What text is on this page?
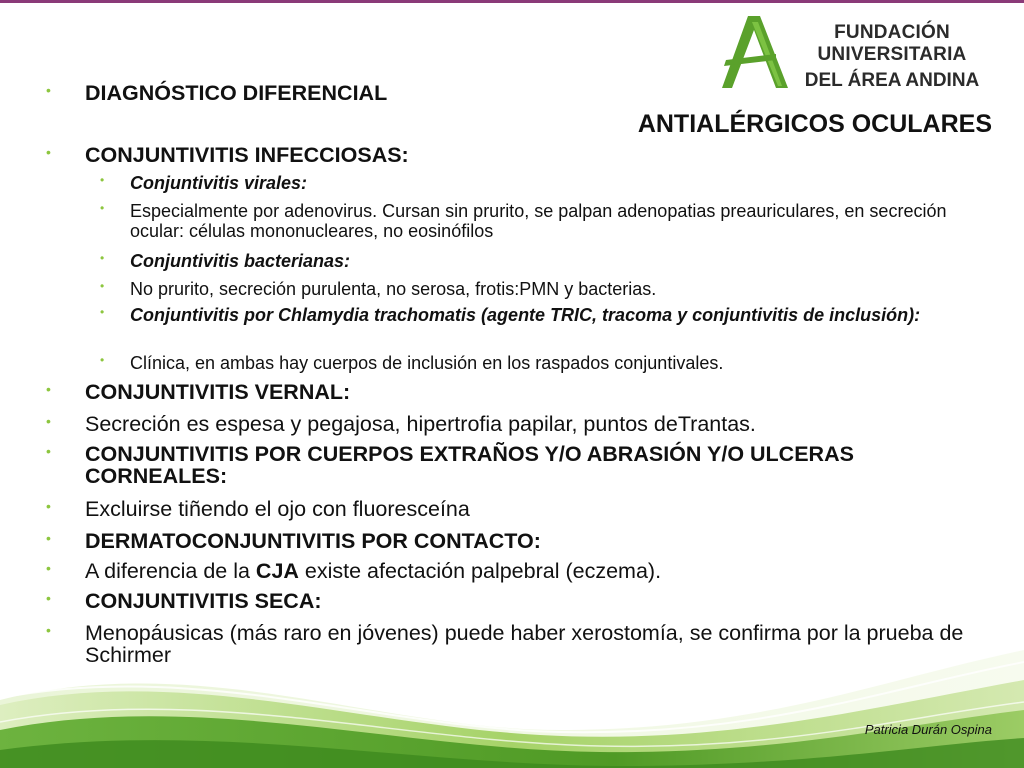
FUNDACIÓN UNIVERSITARIA
DEL ÁREA ANDINA
ANTIALÉRGICOS OCULARES
• DIAGNÓSTICO DIFERENCIAL
• CONJUNTIVITIS INFECCIOSAS:
• Conjuntivitis virales:
• Especialmente por adenovirus. Cursan sin prurito, se palpan adenopatias preauriculares, en secreción ocular: células mononucleares, no eosinófilos
• Conjuntivitis bacterianas:
• No prurito, secreción purulenta, no serosa, frotis:PMN y bacterias.
• Conjuntivitis por Chlamydia trachomatis (agente TRIC, tracoma y conjuntivitis de inclusión):
• Clínica, en ambas hay cuerpos de inclusión en los raspados conjuntivales.
• CONJUNTIVITIS VERNAL:
• Secreción es espesa y pegajosa, hipertrofia papilar, puntos deTrantas.
• CONJUNTIVITIS POR CUERPOS EXTRAÑOS Y/O ABRASIÓN Y/O ULCERAS CORNEALES:
• Excluirse tiñendo el ojo con fluoresceína
• DERMATOCONJUNTIVITIS POR CONTACTO:
• A diferencia de la CJA existe afectación palpebral (eczema).
• CONJUNTIVITIS SECA:
• Menopáusicas (más raro en jóvenes) puede haber xerostomía, se confirma por la prueba de Schirmer
Patricia Durán Ospina
